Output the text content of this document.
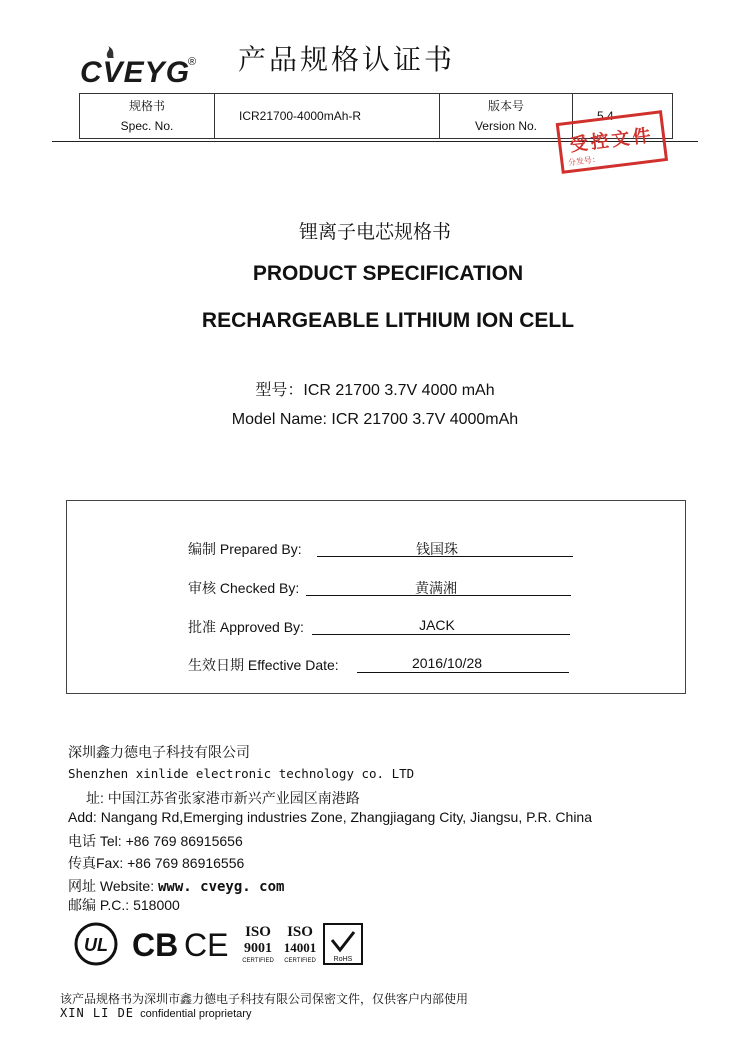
CVEYG
® 产品规格认证书
规格书
Spec. No.
	ICR21700-4000mAh-R	
版本号
Version No.
	5.4
受控文件
分发号：
锂离子电芯规格书
PRODUCT SPECIFICATION
RECHARGEABLE LITHIUM ION CELL
型号：ICR 21700 3.7V 4000 mAh
Model Name: ICR 21700 3.7V 4000mAh
编制 Prepared By:	钱国珠
审核 Checked By:	黄满湘
批准 Approved By:	JACK
生效日期 Effective Date:	2016/10/28
深圳鑫力德电子科技有限公司
Shenzhen xinlide electronic technology co. LTD
址: 中国江苏省张家港市新兴产业园区南港路
Add: Nangang Rd,Emerging industries Zone, Zhangjiagang City, Jiangsu, P.R. China
电话 Tel: +86 769 86915656
传真Fax: +86 769 86916556
网址 Website: www. cveyg. com
邮编 P.C.: 518000
UL CB CE ISO
9001
CERTIFIED
ISO
14001
CERTIFIED	RoHS
该产品规格书为深圳市鑫力德电子科技有限公司保密文件，仅供客户内部使用
XIN LI DE confidential proprietary
